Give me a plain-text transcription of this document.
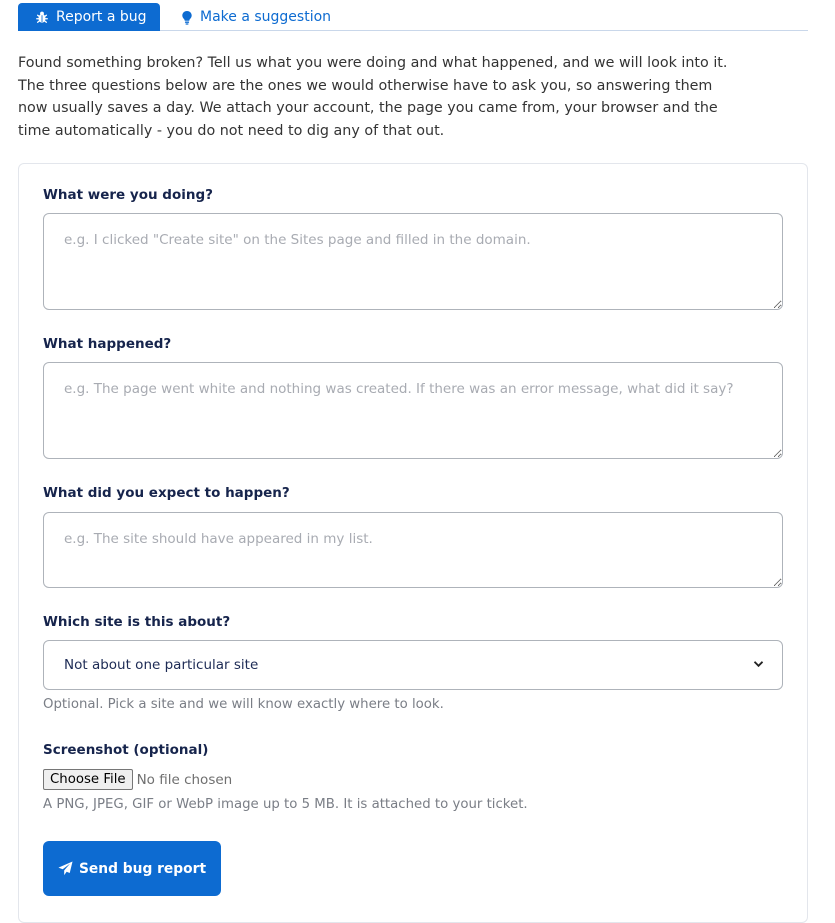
Report a bug	Make a suggestion

Found something broken? Tell us what you were doing and what happened, and we will look into it. The three questions below are the ones we would otherwise have to ask you, so answering them now usually saves a day. We attach your account, the page you came from, your browser and the time automatically - you do not need to dig any of that out.

What were you doing?
e.g. I clicked "Create site" on the Sites page and filled in the domain.
What happened?
e.g. The page went white and nothing was created. If there was an error message, what did it say?
What did you expect to happen?
e.g. The site should have appeared in my list.
Which site is this about?
Not about one particular site
Optional. Pick a site and we will know exactly where to look.
Screenshot (optional)
Choose File No file chosen
A PNG, JPEG, GIF or WebP image up to 5 MB. It is attached to your ticket.
Send bug report
